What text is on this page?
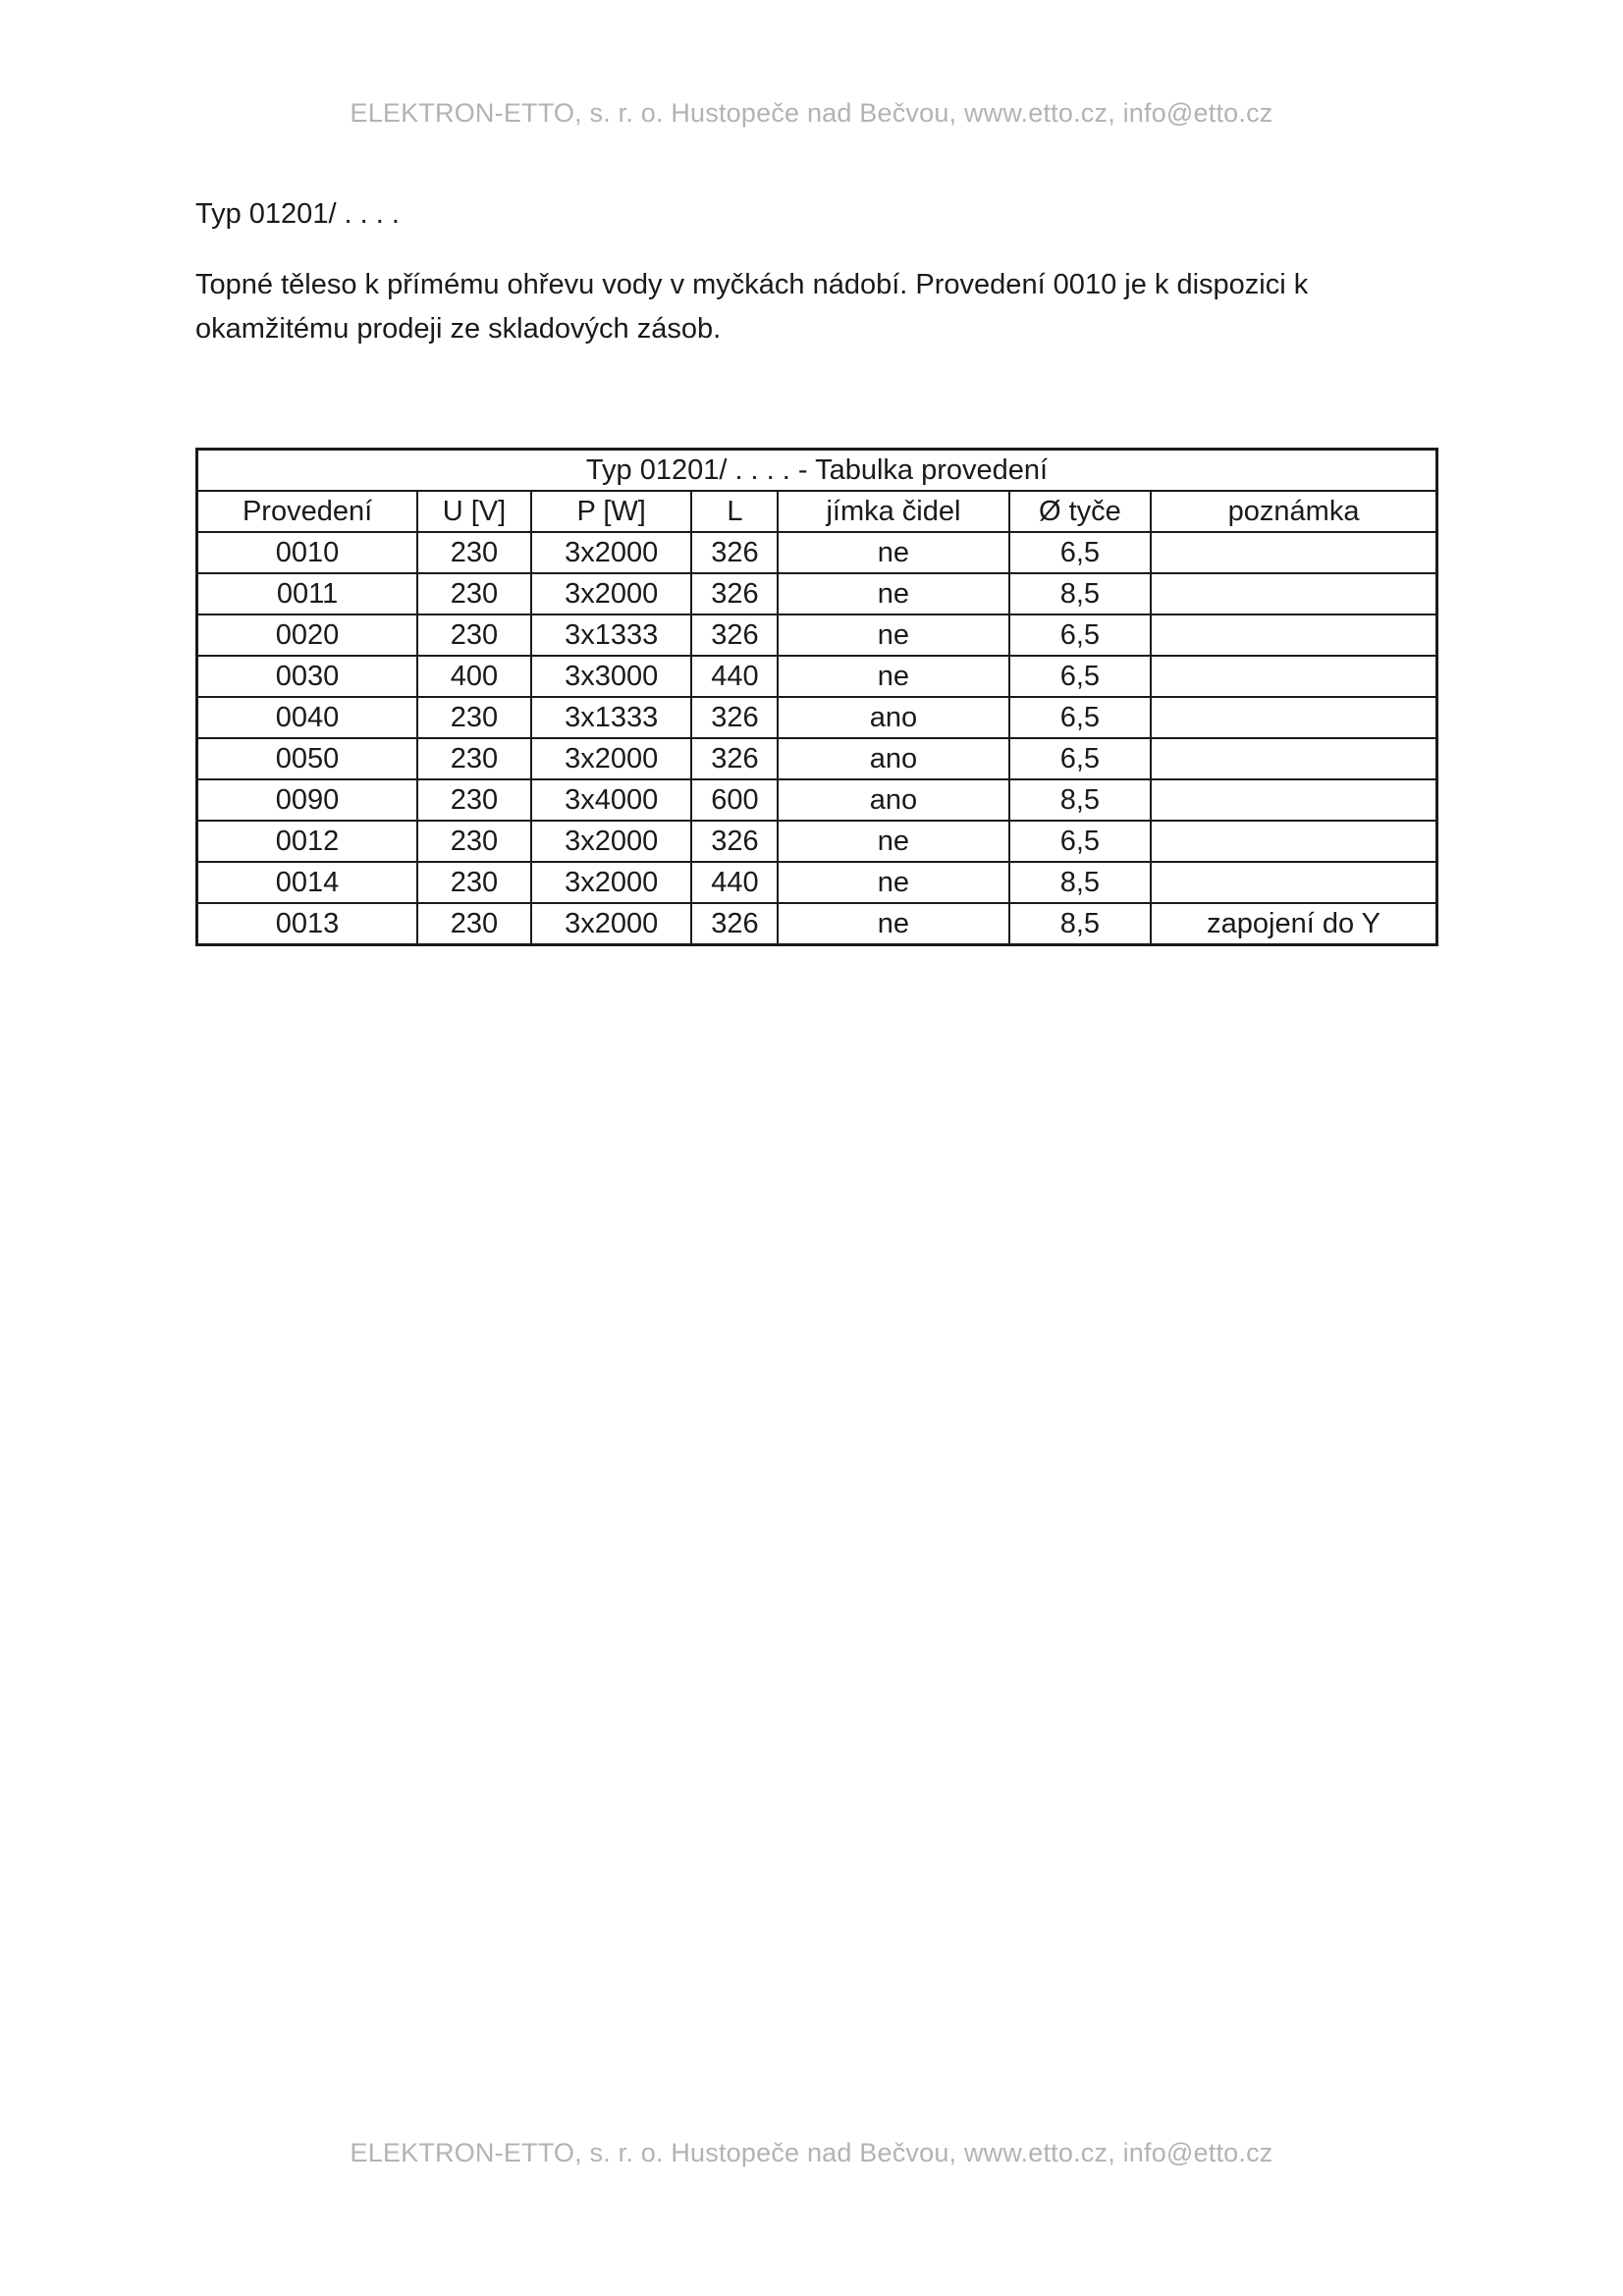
ELEKTRON-ETTO, s. r. o. Hustopeče nad Bečvou, www.etto.cz, info@etto.cz
Typ 01201/ . . . .
Topné těleso k přímému ohřevu vody v myčkách nádobí. Provedení 0010 je k dispozici k okamžitému prodeji ze skladových zásob.
Typ 01201/ . . . . - Tabulka provedení						
Provedení	U [V]	P [W]	L	jímka čidel	Ø tyče	poznámka
0010	230	3x2000	326	ne	6,5	
0011	230	3x2000	326	ne	8,5	
0020	230	3x1333	326	ne	6,5	
0030	400	3x3000	440	ne	6,5	
0040	230	3x1333	326	ano	6,5	
0050	230	3x2000	326	ano	6,5	
0090	230	3x4000	600	ano	8,5	
0012	230	3x2000	326	ne	6,5	
0014	230	3x2000	440	ne	8,5	
0013	230	3x2000	326	ne	8,5	zapojení do Y
ELEKTRON-ETTO, s. r. o. Hustopeče nad Bečvou, www.etto.cz, info@etto.cz
